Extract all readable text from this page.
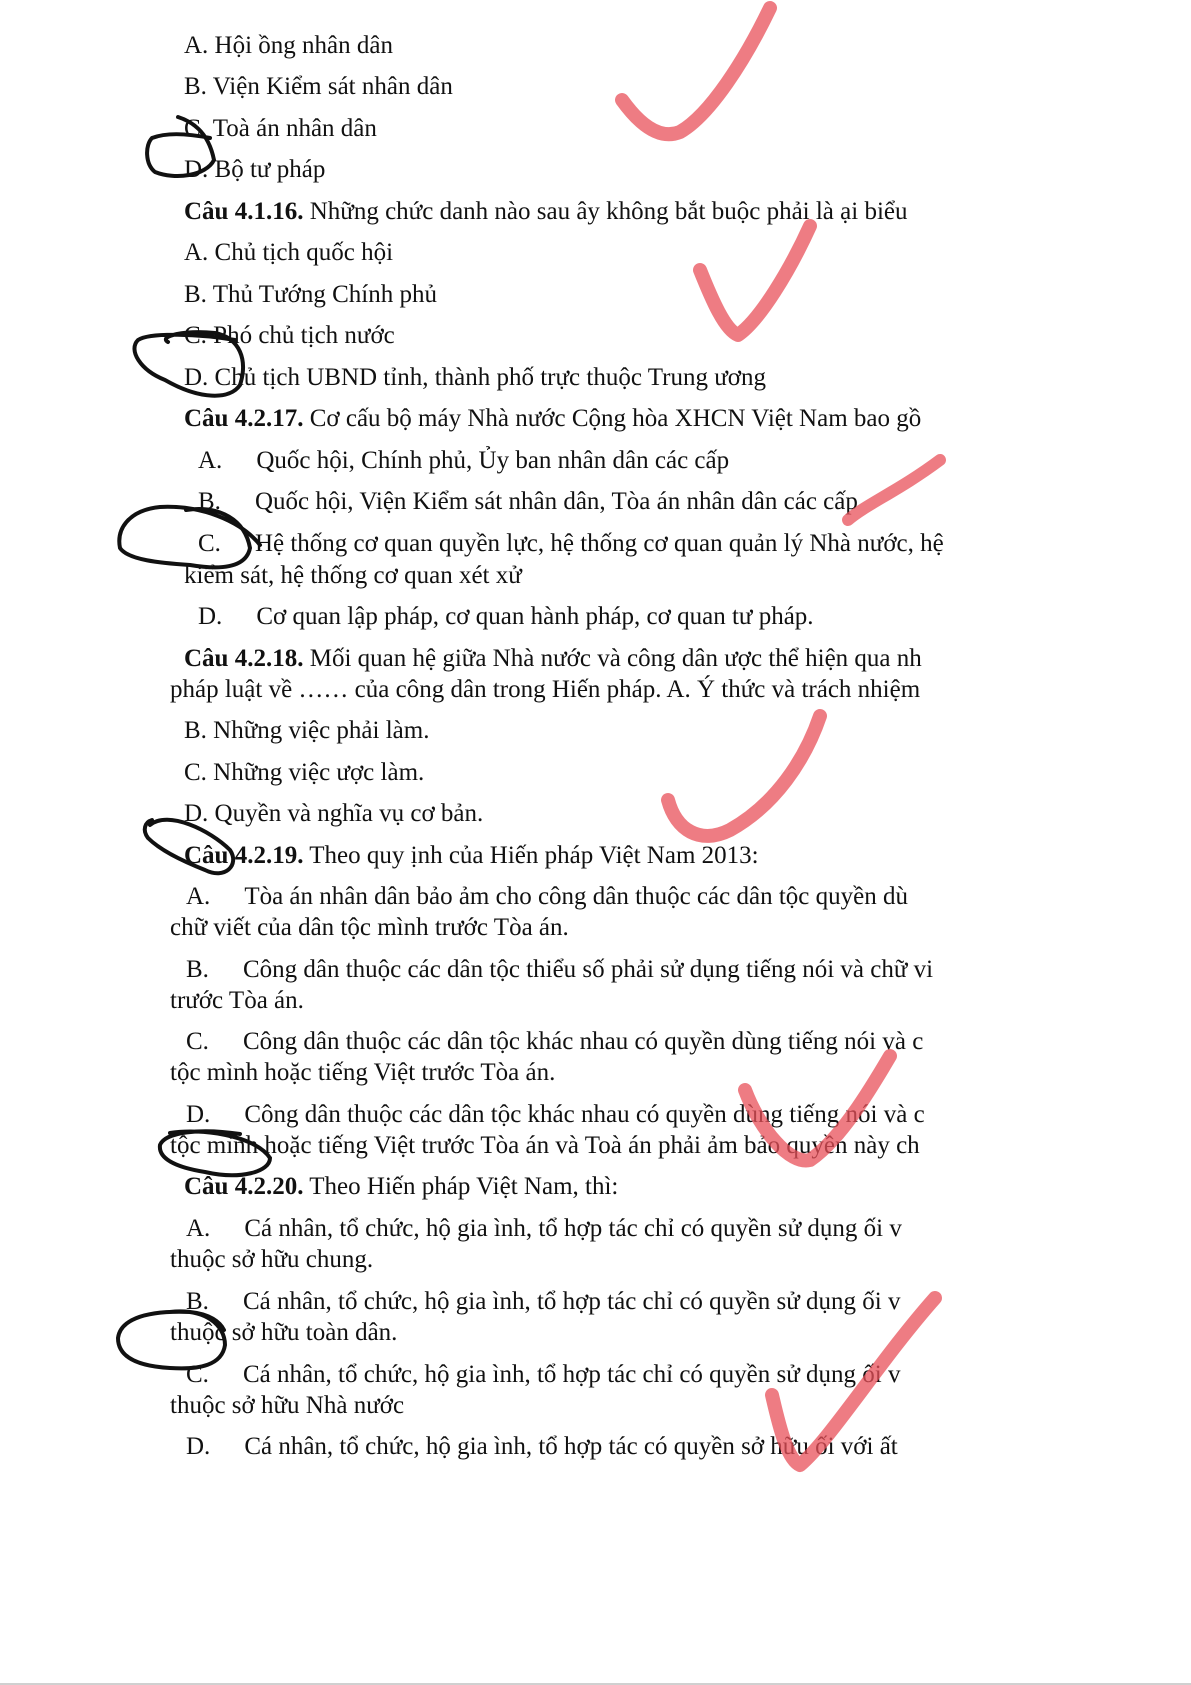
A. Hội ồng nhân dân
B. Viện Kiểm sát nhân dân
C. Toà án nhân dân
D. Bộ tư pháp
Câu 4.1.16. Những chức danh nào sau ây không bắt buộc phải là ại biểu
A. Chủ tịch quốc hội
B. Thủ Tướng Chính phủ
C. Phó chủ tịch nước
D. Chủ tịch UBND tỉnh, thành phố trực thuộc Trung ương
Câu 4.2.17. Cơ cấu bộ máy Nhà nước Cộng hòa XHCN Việt Nam bao gồ
A. Quốc hội, Chính phủ, Ủy ban nhân dân các cấp
B. Quốc hội, Viện Kiểm sát nhân dân, Tòa án nhân dân các cấp
C. Hệ thống cơ quan quyền lực, hệ thống cơ quan quản lý Nhà nước, hệ
kiểm sát, hệ thống cơ quan xét xử
D. Cơ quan lập pháp, cơ quan hành pháp, cơ quan tư pháp.
Câu 4.2.18. Mối quan hệ giữa Nhà nước và công dân ược thể hiện qua nh
pháp luật về …… của công dân trong Hiến pháp. A. Ý thức và trách nhiệm
B. Những việc phải làm.
C. Những việc ược làm.
D. Quyền và nghĩa vụ cơ bản.
Câu 4.2.19. Theo quy ịnh của Hiến pháp Việt Nam 2013:
A. Tòa án nhân dân bảo ảm cho công dân thuộc các dân tộc quyền dù
chữ viết của dân tộc mình trước Tòa án.
B. Công dân thuộc các dân tộc thiểu số phải sử dụng tiếng nói và chữ vi
trước Tòa án.
C. Công dân thuộc các dân tộc khác nhau có quyền dùng tiếng nói và c
tộc mình hoặc tiếng Việt trước Tòa án.
D. Công dân thuộc các dân tộc khác nhau có quyền dùng tiếng nói và c
tộc mình hoặc tiếng Việt trước Tòa án và Toà án phải ảm bảo quyền này ch
Câu 4.2.20. Theo Hiến pháp Việt Nam, thì:
A. Cá nhân, tổ chức, hộ gia ình, tổ hợp tác chỉ có quyền sử dụng ối v
thuộc sở hữu chung.
B. Cá nhân, tổ chức, hộ gia ình, tổ hợp tác chỉ có quyền sử dụng ối v
thuộc sở hữu toàn dân.
C. Cá nhân, tổ chức, hộ gia ình, tổ hợp tác chỉ có quyền sử dụng ối v
thuộc sở hữu Nhà nước
D. Cá nhân, tổ chức, hộ gia ình, tổ hợp tác có quyền sở hữu ối với ất
